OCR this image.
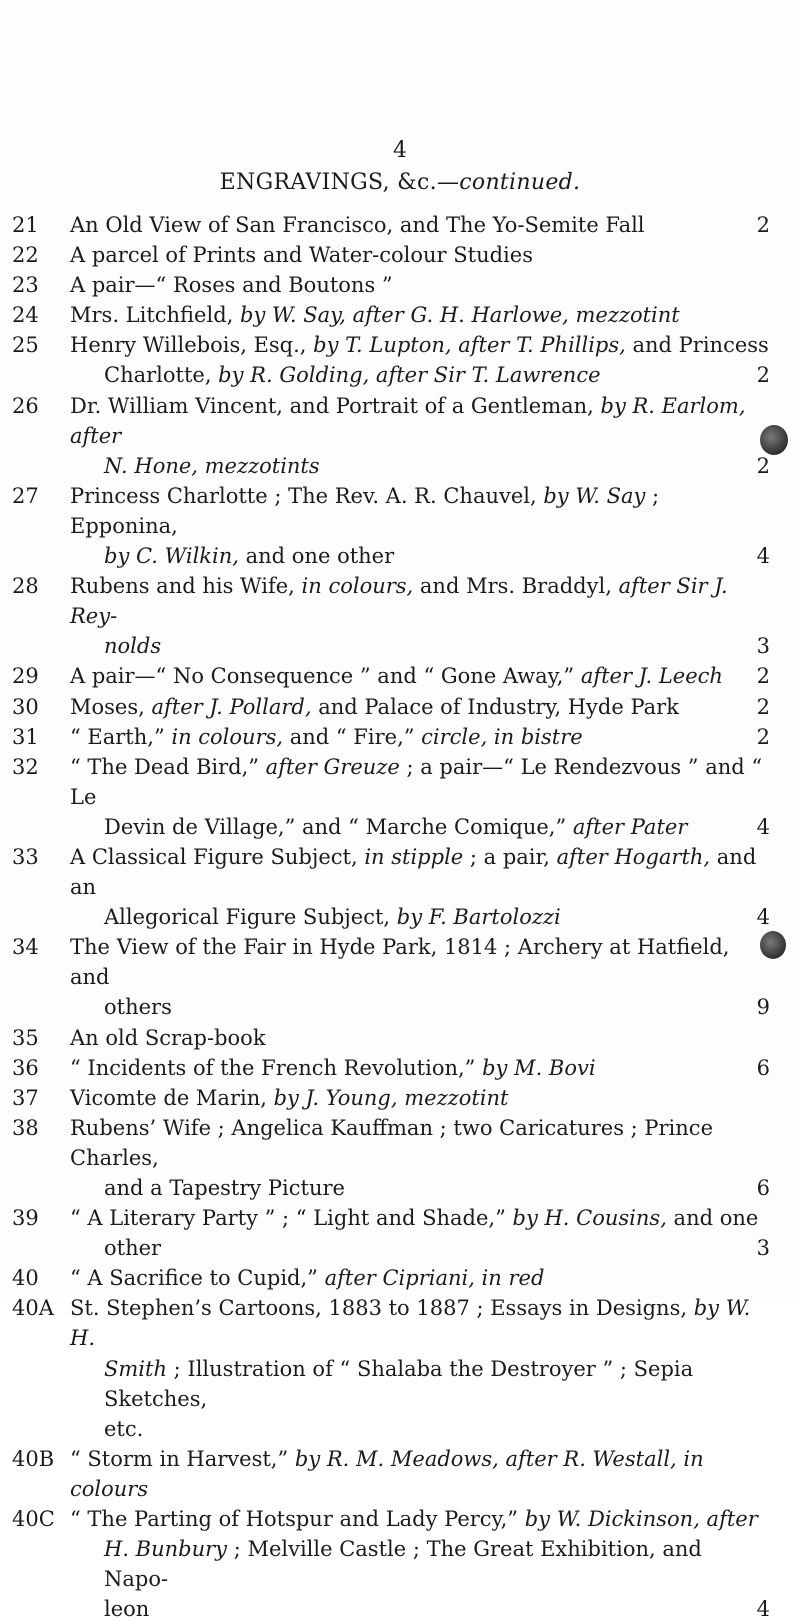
4
ENGRAVINGS, &c.—continued.
21	An Old View of San Francisco, and The Yo-Semite Fall	2
22	A parcel of Prints and Water-colour Studies
23	A pair—“ Roses and Boutons ”
24	Mrs. Litchfield, by W. Say, after G. H. Harlowe, mezzotint
25	Henry Willebois, Esq., by T. Lupton, after T. Phillips, and Princess
Charlotte, by R. Golding, after Sir T. Lawrence	2
26	Dr. William Vincent, and Portrait of a Gentleman, by R. Earlom, after
N. Hone, mezzotints	2
27	Princess Charlotte ; The Rev. A. R. Chauvel, by W. Say ; Epponina,
by C. Wilkin, and one other	4
28	Rubens and his Wife, in colours, and Mrs. Braddyl, after Sir J. Rey-
nolds	3
29	A pair—“ No Consequence ” and “ Gone Away,” after J. Leech	2
30	Moses, after J. Pollard, and Palace of Industry, Hyde Park	2
31	“ Earth,” in colours, and “ Fire,” circle, in bistre	2
32	“ The Dead Bird,” after Greuze ; a pair—“ Le Rendezvous ” and “ Le
Devin de Village,” and “ Marche Comique,” after Pater	4
33	A Classical Figure Subject, in stipple ; a pair, after Hogarth, and an
Allegorical Figure Subject, by F. Bartolozzi	4
34	The View of the Fair in Hyde Park, 1814 ; Archery at Hatfield, and
others	9
35	An old Scrap-book
36	“ Incidents of the French Revolution,” by M. Bovi	6
37	Vicomte de Marin, by J. Young, mezzotint
38	Rubens’ Wife ; Angelica Kauffman ; two Caricatures ; Prince Charles,
and a Tapestry Picture	6
39	“ A Literary Party ” ; “ Light and Shade,” by H. Cousins, and one
other	3
40	“ A Sacrifice to Cupid,” after Cipriani, in red
40A St. Stephen’s Cartoons, 1883 to 1887 ; Essays in Designs, by W. H.
Smith ; Illustration of “ Shalaba the Destroyer ” ; Sepia Sketches,
etc.
40B “ Storm in Harvest,” by R. M. Meadows, after R. Westall, in colours
40C “ The Parting of Hotspur and Lady Percy,” by W. Dickinson, after
H. Bunbury ; Melville Castle ; The Great Exhibition, and Napo-
leon	4
